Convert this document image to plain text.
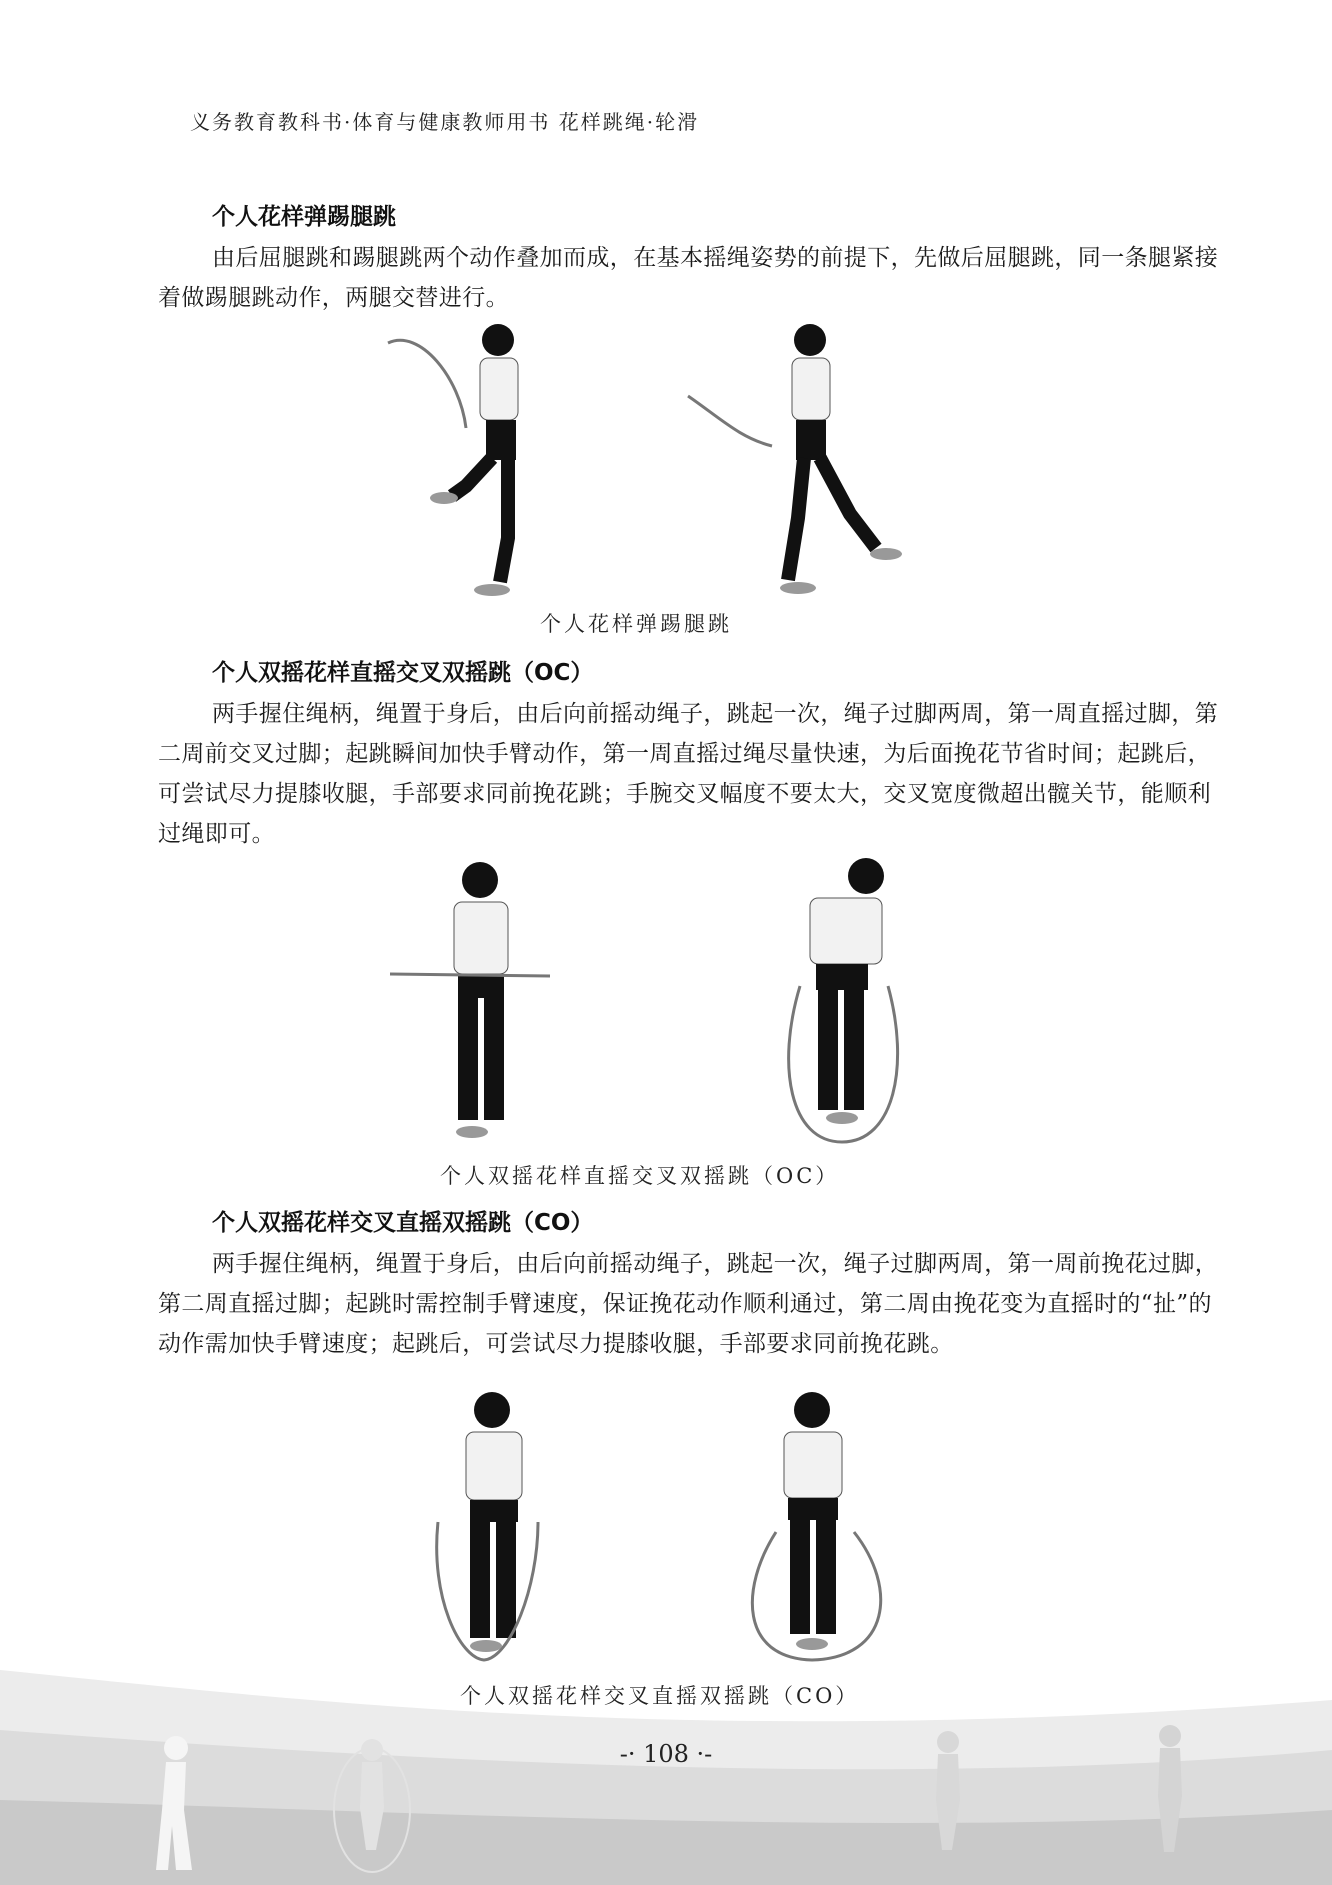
义务教育教科书·体育与健康教师用书 花样跳绳·轮滑
个人花样弹踢腿跳

由后屈腿跳和踢腿跳两个动作叠加而成，在基本摇绳姿势的前提下，先做后屈腿跳，同一条腿紧接着做踢腿跳动作，两腿交替进行。

个人花样弹踢腿跳
个人双摇花样直摇交叉双摇跳（OC）

两手握住绳柄，绳置于身后，由后向前摇动绳子，跳起一次，绳子过脚两周，第一周直摇过脚，第二周前交叉过脚；起跳瞬间加快手臂动作，第一周直摇过绳尽量快速，为后面挽花节省时间；起跳后，可尝试尽力提膝收腿，手部要求同前挽花跳；手腕交叉幅度不要太大，交叉宽度微超出髋关节，能顺利过绳即可。

个人双摇花样直摇交叉双摇跳（OC）
个人双摇花样交叉直摇双摇跳（CO）

两手握住绳柄，绳置于身后，由后向前摇动绳子，跳起一次，绳子过脚两周，第一周前挽花过脚，第二周直摇过脚；起跳时需控制手臂速度，保证挽花动作顺利通过，第二周由挽花变为直摇时的“扯”的动作需加快手臂速度；起跳后，可尝试尽力提膝收腿，手部要求同前挽花跳。

个人双摇花样交叉直摇双摇跳（CO）
-· 108 ·-
